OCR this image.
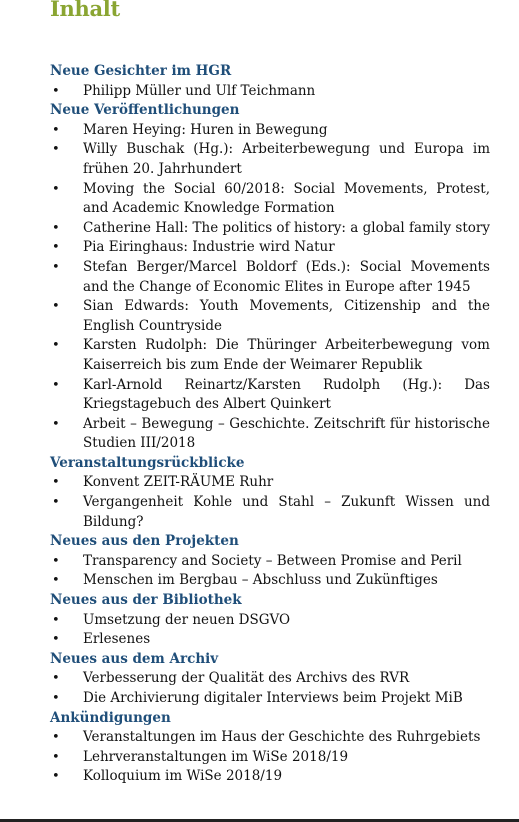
Inhalt
Neue Gesichter im HGR
• Philipp Müller und Ulf Teichmann
Neue Veröffentlichungen
• Maren Heying: Huren in Bewegung
• Willy Buschak (Hg.): Arbeiterbewegung und Europa im frühen 20. Jahrhundert
• Moving the Social 60/2018: Social Movements, Protest, and Academic Knowledge Formation
• Catherine Hall: The politics of history: a global family story
• Pia Eiringhaus: Industrie wird Natur
• Stefan Berger/Marcel Boldorf (Eds.): Social Movements and the Change of Economic Elites in Europe after 1945
• Sian Edwards: Youth Movements, Citizenship and the English Countryside
• Karsten Rudolph: Die Thüringer Arbeiterbewegung vom Kaiserreich bis zum Ende der Weimarer Republik
• Karl-Arnold Reinartz/Karsten Rudolph (Hg.): Das Kriegstagebuch des Albert Quinkert
• Arbeit – Bewegung – Geschichte. Zeitschrift für historische Studien III/2018
Veranstaltungsrückblicke
• Konvent ZEIT-RÄUME Ruhr
• Vergangenheit Kohle und Stahl – Zukunft Wissen und Bildung?
Neues aus den Projekten
• Transparency and Society – Between Promise and Peril
• Menschen im Bergbau – Abschluss und Zukünftiges
Neues aus der Bibliothek
• Umsetzung der neuen DSGVO
• Erlesenes
Neues aus dem Archiv
• Verbesserung der Qualität des Archivs des RVR
• Die Archivierung digitaler Interviews beim Projekt MiB
Ankündigungen
• Veranstaltungen im Haus der Geschichte des Ruhrgebiets
• Lehrveranstaltungen im WiSe 2018/19
• Kolloquium im WiSe 2018/19
